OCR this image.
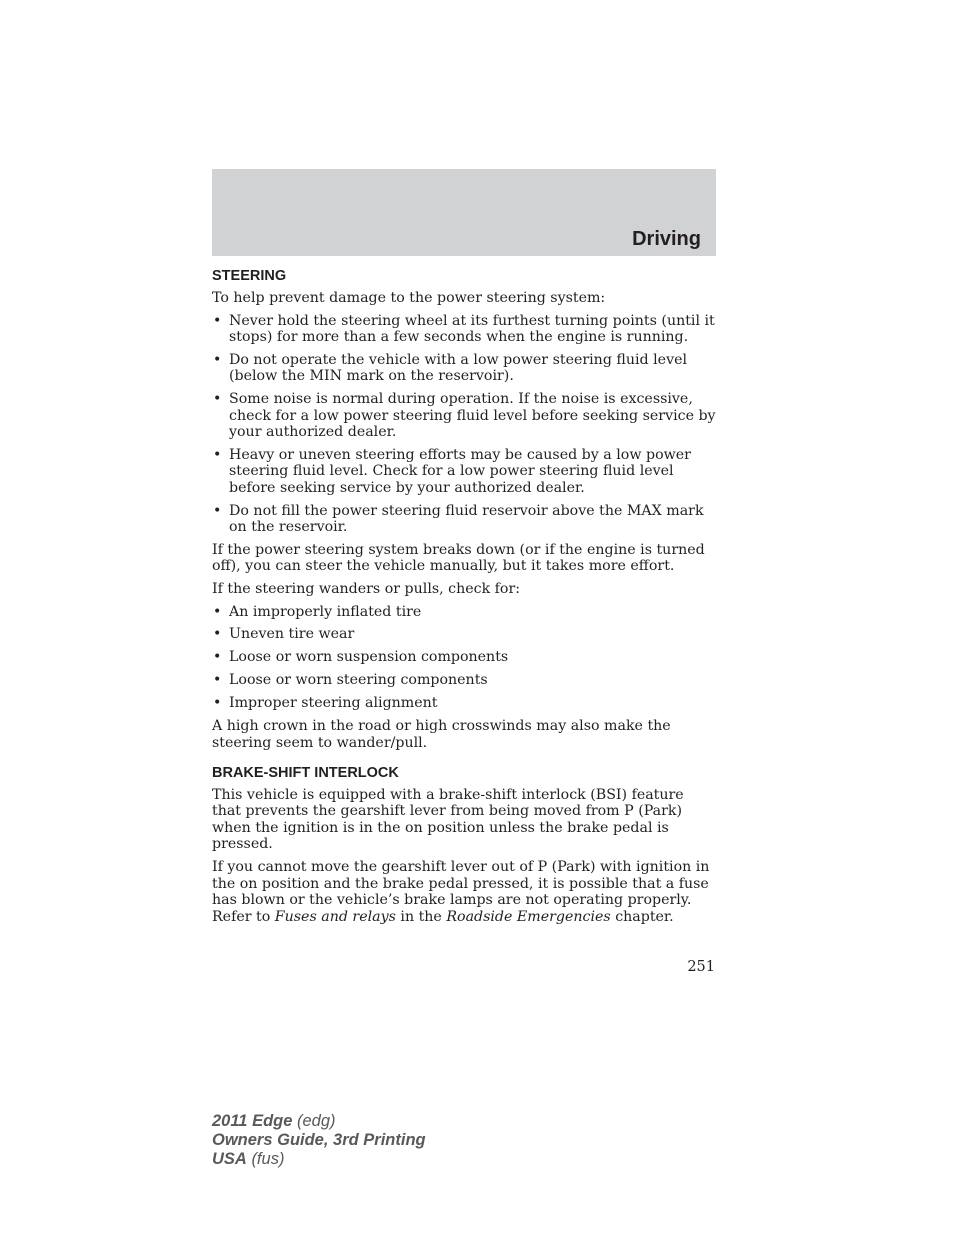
Driving
STEERING

To help prevent damage to the power steering system:

• Never hold the steering wheel at its furthest turning points (until it stops) for more than a few seconds when the engine is running.
• Do not operate the vehicle with a low power steering fluid level (below the MIN mark on the reservoir).
• Some noise is normal during operation. If the noise is excessive, check for a low power steering fluid level before seeking service by your authorized dealer.
• Heavy or uneven steering efforts may be caused by a low power steering fluid level. Check for a low power steering fluid level before seeking service by your authorized dealer.
• Do not fill the power steering fluid reservoir above the MAX mark on the reservoir.

If the power steering system breaks down (or if the engine is turned off), you can steer the vehicle manually, but it takes more effort.

If the steering wanders or pulls, check for:

• An improperly inflated tire
• Uneven tire wear
• Loose or worn suspension components
• Loose or worn steering components
• Improper steering alignment

A high crown in the road or high crosswinds may also make the steering seem to wander/pull.

BRAKE-SHIFT INTERLOCK

This vehicle is equipped with a brake-shift interlock (BSI) feature that prevents the gearshift lever from being moved from P (Park) when the ignition is in the on position unless the brake pedal is pressed.

If you cannot move the gearshift lever out of P (Park) with ignition in the on position and the brake pedal pressed, it is possible that a fuse has blown or the vehicle’s brake lamps are not operating properly. Refer to Fuses and relays in the Roadside Emergencies chapter.

251
2011 Edge (edg)
Owners Guide, 3rd Printing
USA (fus)
